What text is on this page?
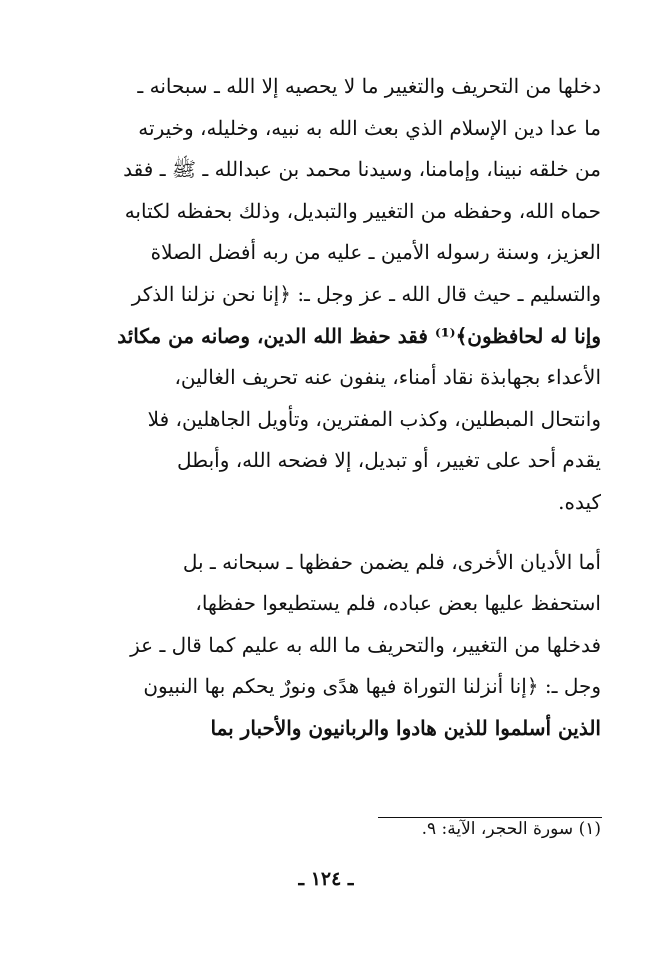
دخلها من التحريف والتغيير ما لا يحصيه إلا الله ـ سبحانه ـ
ما عدا دين الإسلام الذي بعث الله به نبيه، وخليله، وخيرته
من خلقه نبينا، وإمامنا، وسيدنا محمد بن عبدالله ـ ﷺ ـ فقد
حماه الله، وحفظه من التغيير والتبديل، وذلك بحفظه لكتابه
العزيز، وسنة رسوله الأمين ـ عليه من ربه أفضل الصلاة
والتسليم ـ حيث قال الله ـ عز وجل ـ: ﴿إنا نحن نزلنا الذكر
وإنا له لحافظون﴾⁽¹⁾ فقد حفظ الله الدين، وصانه من مكائد
الأعداء بجهابذة نقاد أمناء، ينفون عنه تحريف الغالين،
وانتحال المبطلين، وكذب المفترين، وتأويل الجاهلين، فلا
يقدم أحد على تغيير، أو تبديل، إلا فضحه الله، وأبطل
كيده.
أما الأديان الأخرى، فلم يضمن حفظها ـ سبحانه ـ بل
استحفظ عليها بعض عباده، فلم يستطيعوا حفظها،
فدخلها من التغيير، والتحريف ما الله به عليم كما قال ـ عز
وجل ـ: ﴿إنا أنزلنا التوراة فيها هدًى ونورٌ يحكم بها النبيون
الذين أسلموا للذين هادوا والربانيون والأحبار بما
(١) سورة الحجر، الآية: ٩.
ـ ١٢٤ ـ
